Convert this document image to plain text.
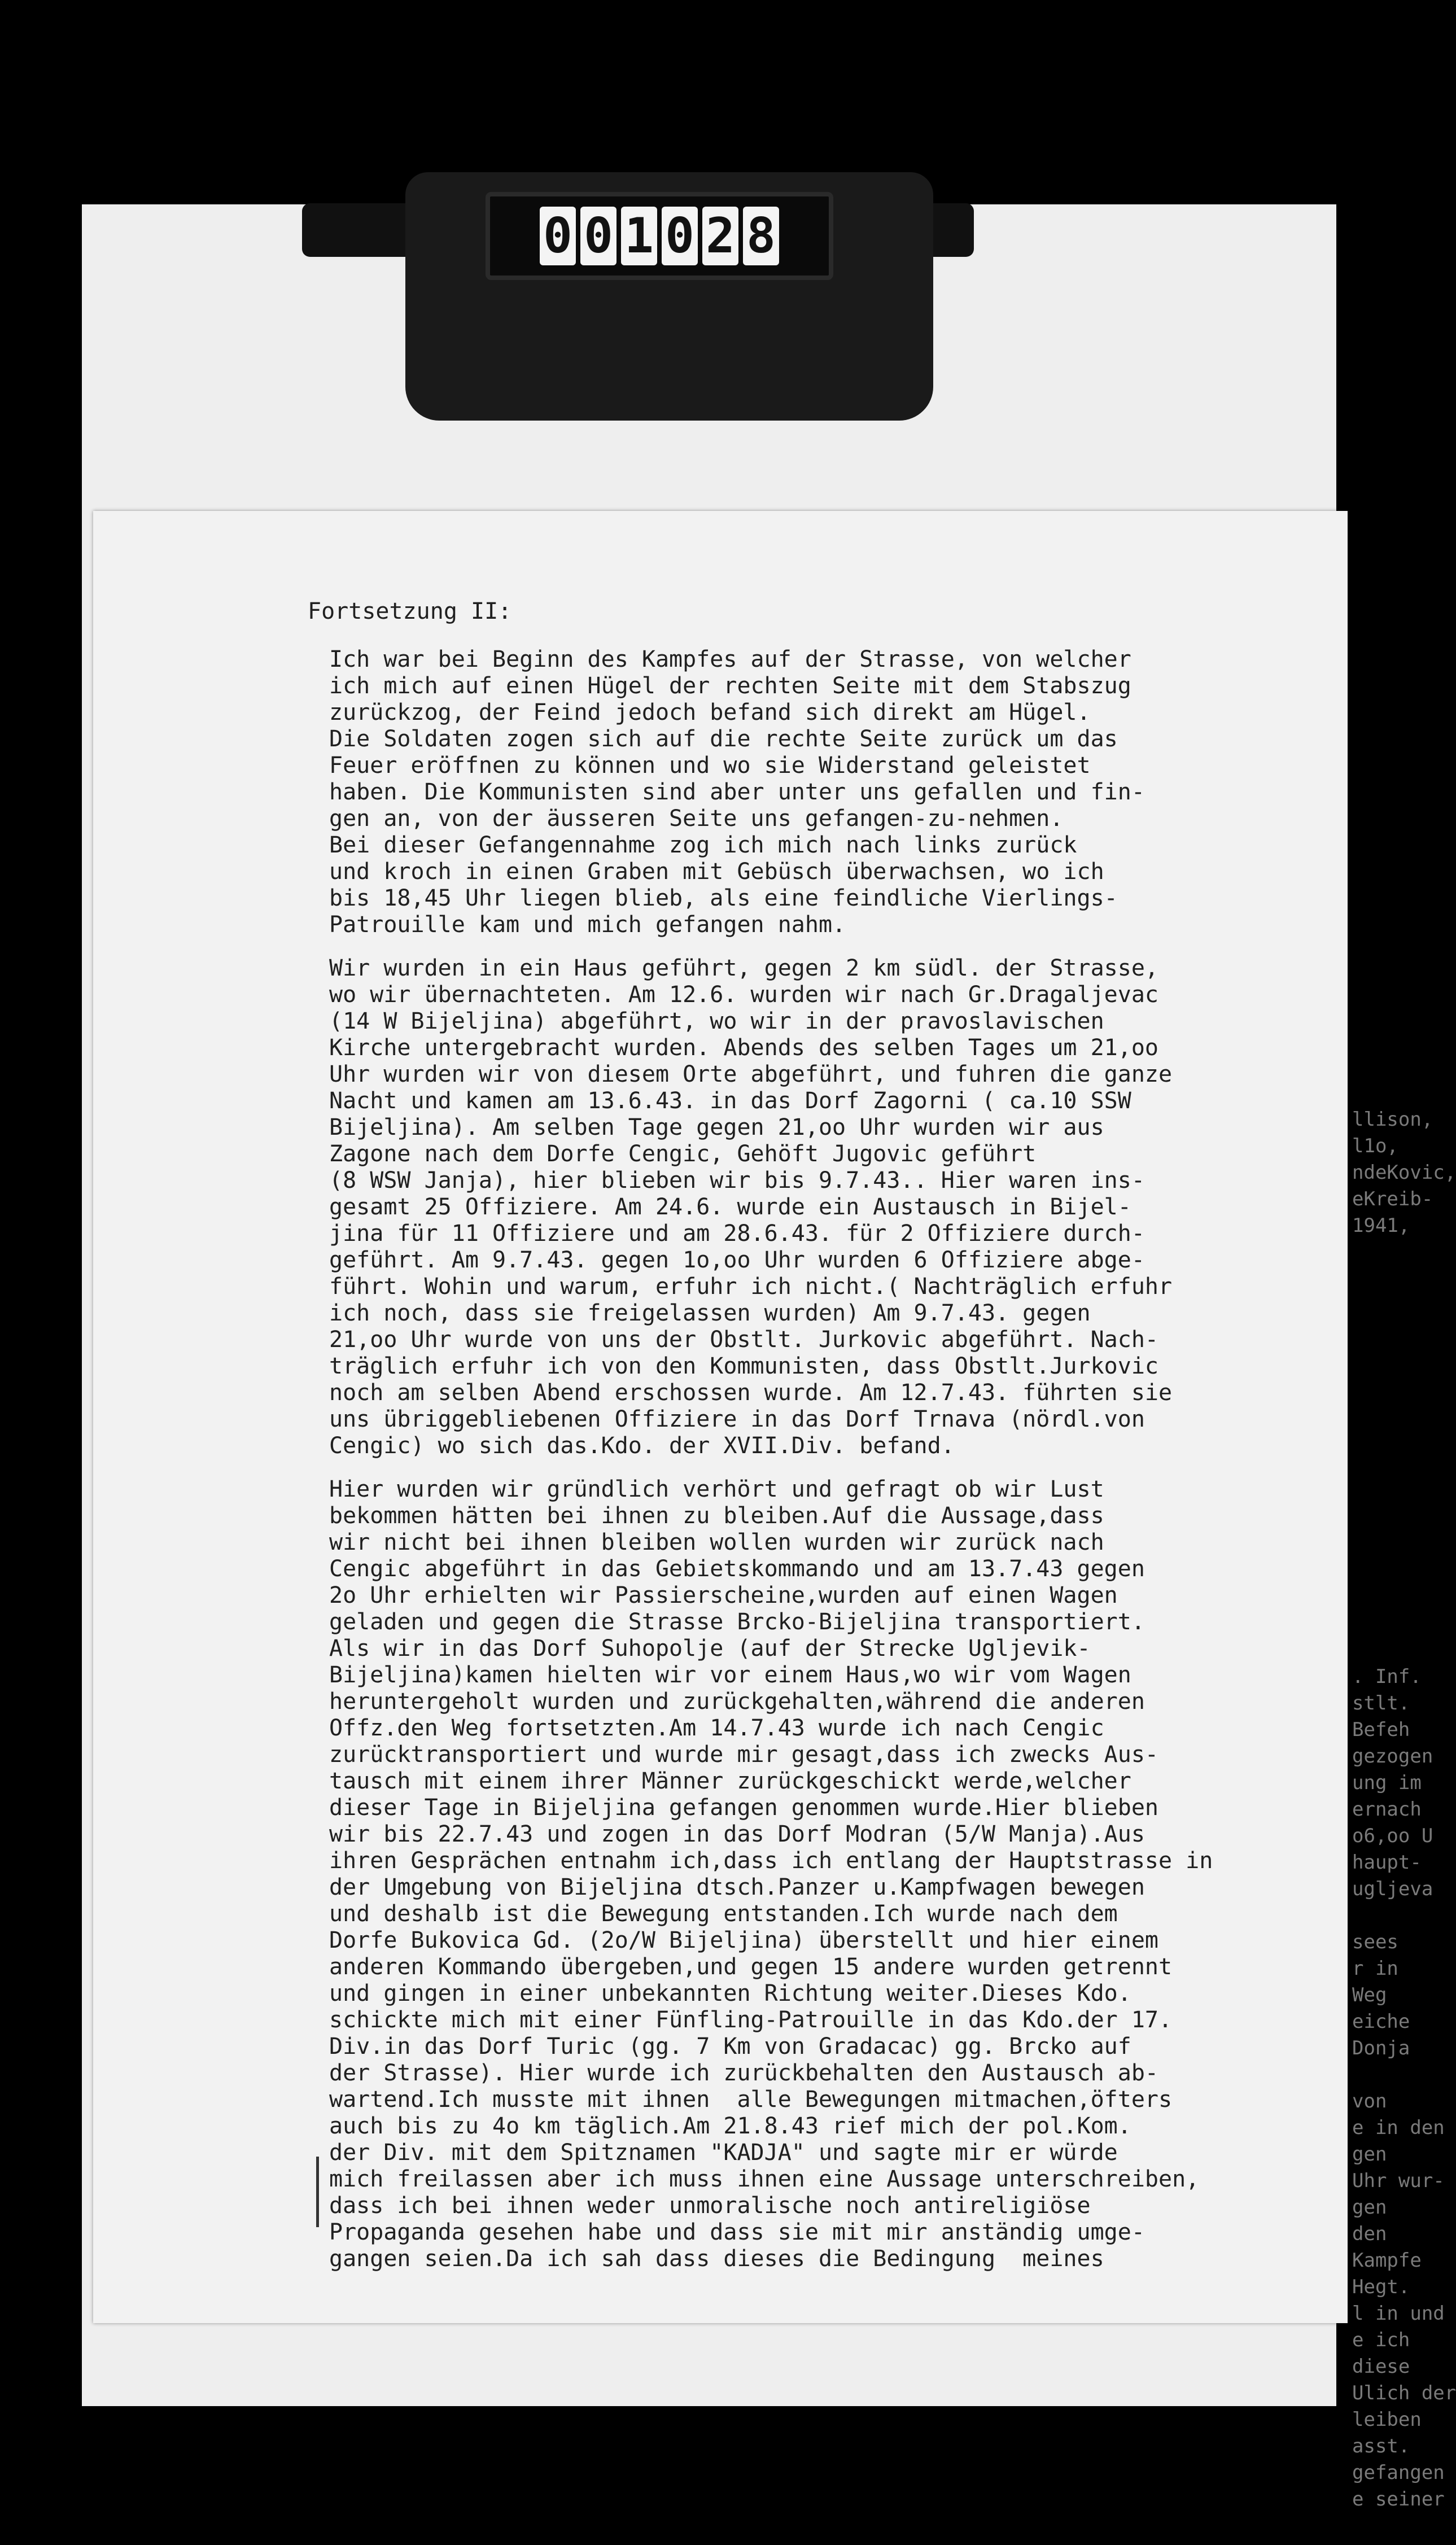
0 0 1 0 2 8
Fortsetzung II:
Ich war bei Beginn des Kampfes auf der Strasse, von welcher
ich mich auf einen Hügel der rechten Seite mit dem Stabszug
zurückzog, der Feind jedoch befand sich direkt am Hügel.
Die Soldaten zogen sich auf die rechte Seite zurück um das
Feuer eröffnen zu können und wo sie Widerstand geleistet
haben. Die Kommunisten sind aber unter uns gefallen und fin-
gen an, von der äusseren Seite uns gefangen-zu-nehmen.
Bei dieser Gefangennahme zog ich mich nach links zurück
und kroch in einen Graben mit Gebüsch überwachsen, wo ich
bis 18,45 Uhr liegen blieb, als eine feindliche Vierlings-
Patrouille kam und mich gefangen nahm.
Wir wurden in ein Haus geführt, gegen 2 km südl. der Strasse,
wo wir übernachteten. Am 12.6. wurden wir nach Gr.Dragaljevac
(14 W Bijeljina) abgeführt, wo wir in der pravoslavischen
Kirche untergebracht wurden. Abends des selben Tages um 21,oo
Uhr wurden wir von diesem Orte abgeführt, und fuhren die ganze
Nacht und kamen am 13.6.43. in das Dorf Zagorni ( ca.10 SSW
Bijeljina). Am selben Tage gegen 21,oo Uhr wurden wir aus
Zagone nach dem Dorfe Cengic, Gehöft Jugovic geführt
(8 WSW Janja), hier blieben wir bis 9.7.43.. Hier waren ins-
gesamt 25 Offiziere. Am 24.6. wurde ein Austausch in Bijel-
jina für 11 Offiziere und am 28.6.43. für 2 Offiziere durch-
geführt. Am 9.7.43. gegen 1o,oo Uhr wurden 6 Offiziere abge-
führt. Wohin und warum, erfuhr ich nicht.( Nachträglich erfuhr
ich noch, dass sie freigelassen wurden) Am 9.7.43. gegen
21,oo Uhr wurde von uns der Obstlt. Jurkovic abgeführt. Nach-
träglich erfuhr ich von den Kommunisten, dass Obstlt.Jurkovic
noch am selben Abend erschossen wurde. Am 12.7.43. führten sie
uns übriggebliebenen Offiziere in das Dorf Trnava (nördl.von
Cengic) wo sich das.Kdo. der XVII.Div. befand.
Hier wurden wir gründlich verhört und gefragt ob wir Lust
bekommen hätten bei ihnen zu bleiben.Auf die Aussage,dass
wir nicht bei ihnen bleiben wollen wurden wir zurück nach
Cengic abgeführt in das Gebietskommando und am 13.7.43 gegen
2o Uhr erhielten wir Passierscheine,wurden auf einen Wagen
geladen und gegen die Strasse Brcko-Bijeljina transportiert.
Als wir in das Dorf Suhopolje (auf der Strecke Ugljevik-
Bijeljina)kamen hielten wir vor einem Haus,wo wir vom Wagen
heruntergeholt wurden und zurückgehalten,während die anderen
Offz.den Weg fortsetzten.Am 14.7.43 wurde ich nach Cengic
zurücktransportiert und wurde mir gesagt,dass ich zwecks Aus-
tausch mit einem ihrer Männer zurückgeschickt werde,welcher
dieser Tage in Bijeljina gefangen genommen wurde.Hier blieben
wir bis 22.7.43 und zogen in das Dorf Modran (5/W Manja).Aus
ihren Gesprächen entnahm ich,dass ich entlang der Hauptstrasse in
der Umgebung von Bijeljina dtsch.Panzer u.Kampfwagen bewegen
und deshalb ist die Bewegung entstanden.Ich wurde nach dem
Dorfe Bukovica Gd. (2o/W Bijeljina) überstellt und hier einem
anderen Kommando übergeben,und gegen 15 andere wurden getrennt
und gingen in einer unbekannten Richtung weiter.Dieses Kdo.
schickte mich mit einer Fünfling-Patrouille in das Kdo.der 17.
Div.in das Dorf Turic (gg. 7 Km von Gradacac) gg. Brcko auf
der Strasse). Hier wurde ich zurückbehalten den Austausch ab-
wartend.Ich musste mit ihnen  alle Bewegungen mitmachen,öfters
auch bis zu 4o km täglich.Am 21.8.43 rief mich der pol.Kom.
der Div. mit dem Spitznamen "KADJA" und sagte mir er würde
mich freilassen aber ich muss ihnen eine Aussage unterschreiben,
dass ich bei ihnen weder unmoralische noch antireligiöse
Propaganda gesehen habe und dass sie mit mir anständig umge-
gangen seien.Da ich sah dass dieses die Bedingung  meines
llison,
l1o,
ndeKovic,
eKreib-
1941,

. Inf.
stlt.
Befeh
gezogen
ung im
ernach
o6,oo U
haupt-
ugljeva

sees
r in
Weg
eiche
Donja

von
e in den
gen
Uhr wur-
gen
den
Kampfe
Hegt.
l in und
e ich
diese
Ulich der
leiben
asst.
gefangen
e seiner
